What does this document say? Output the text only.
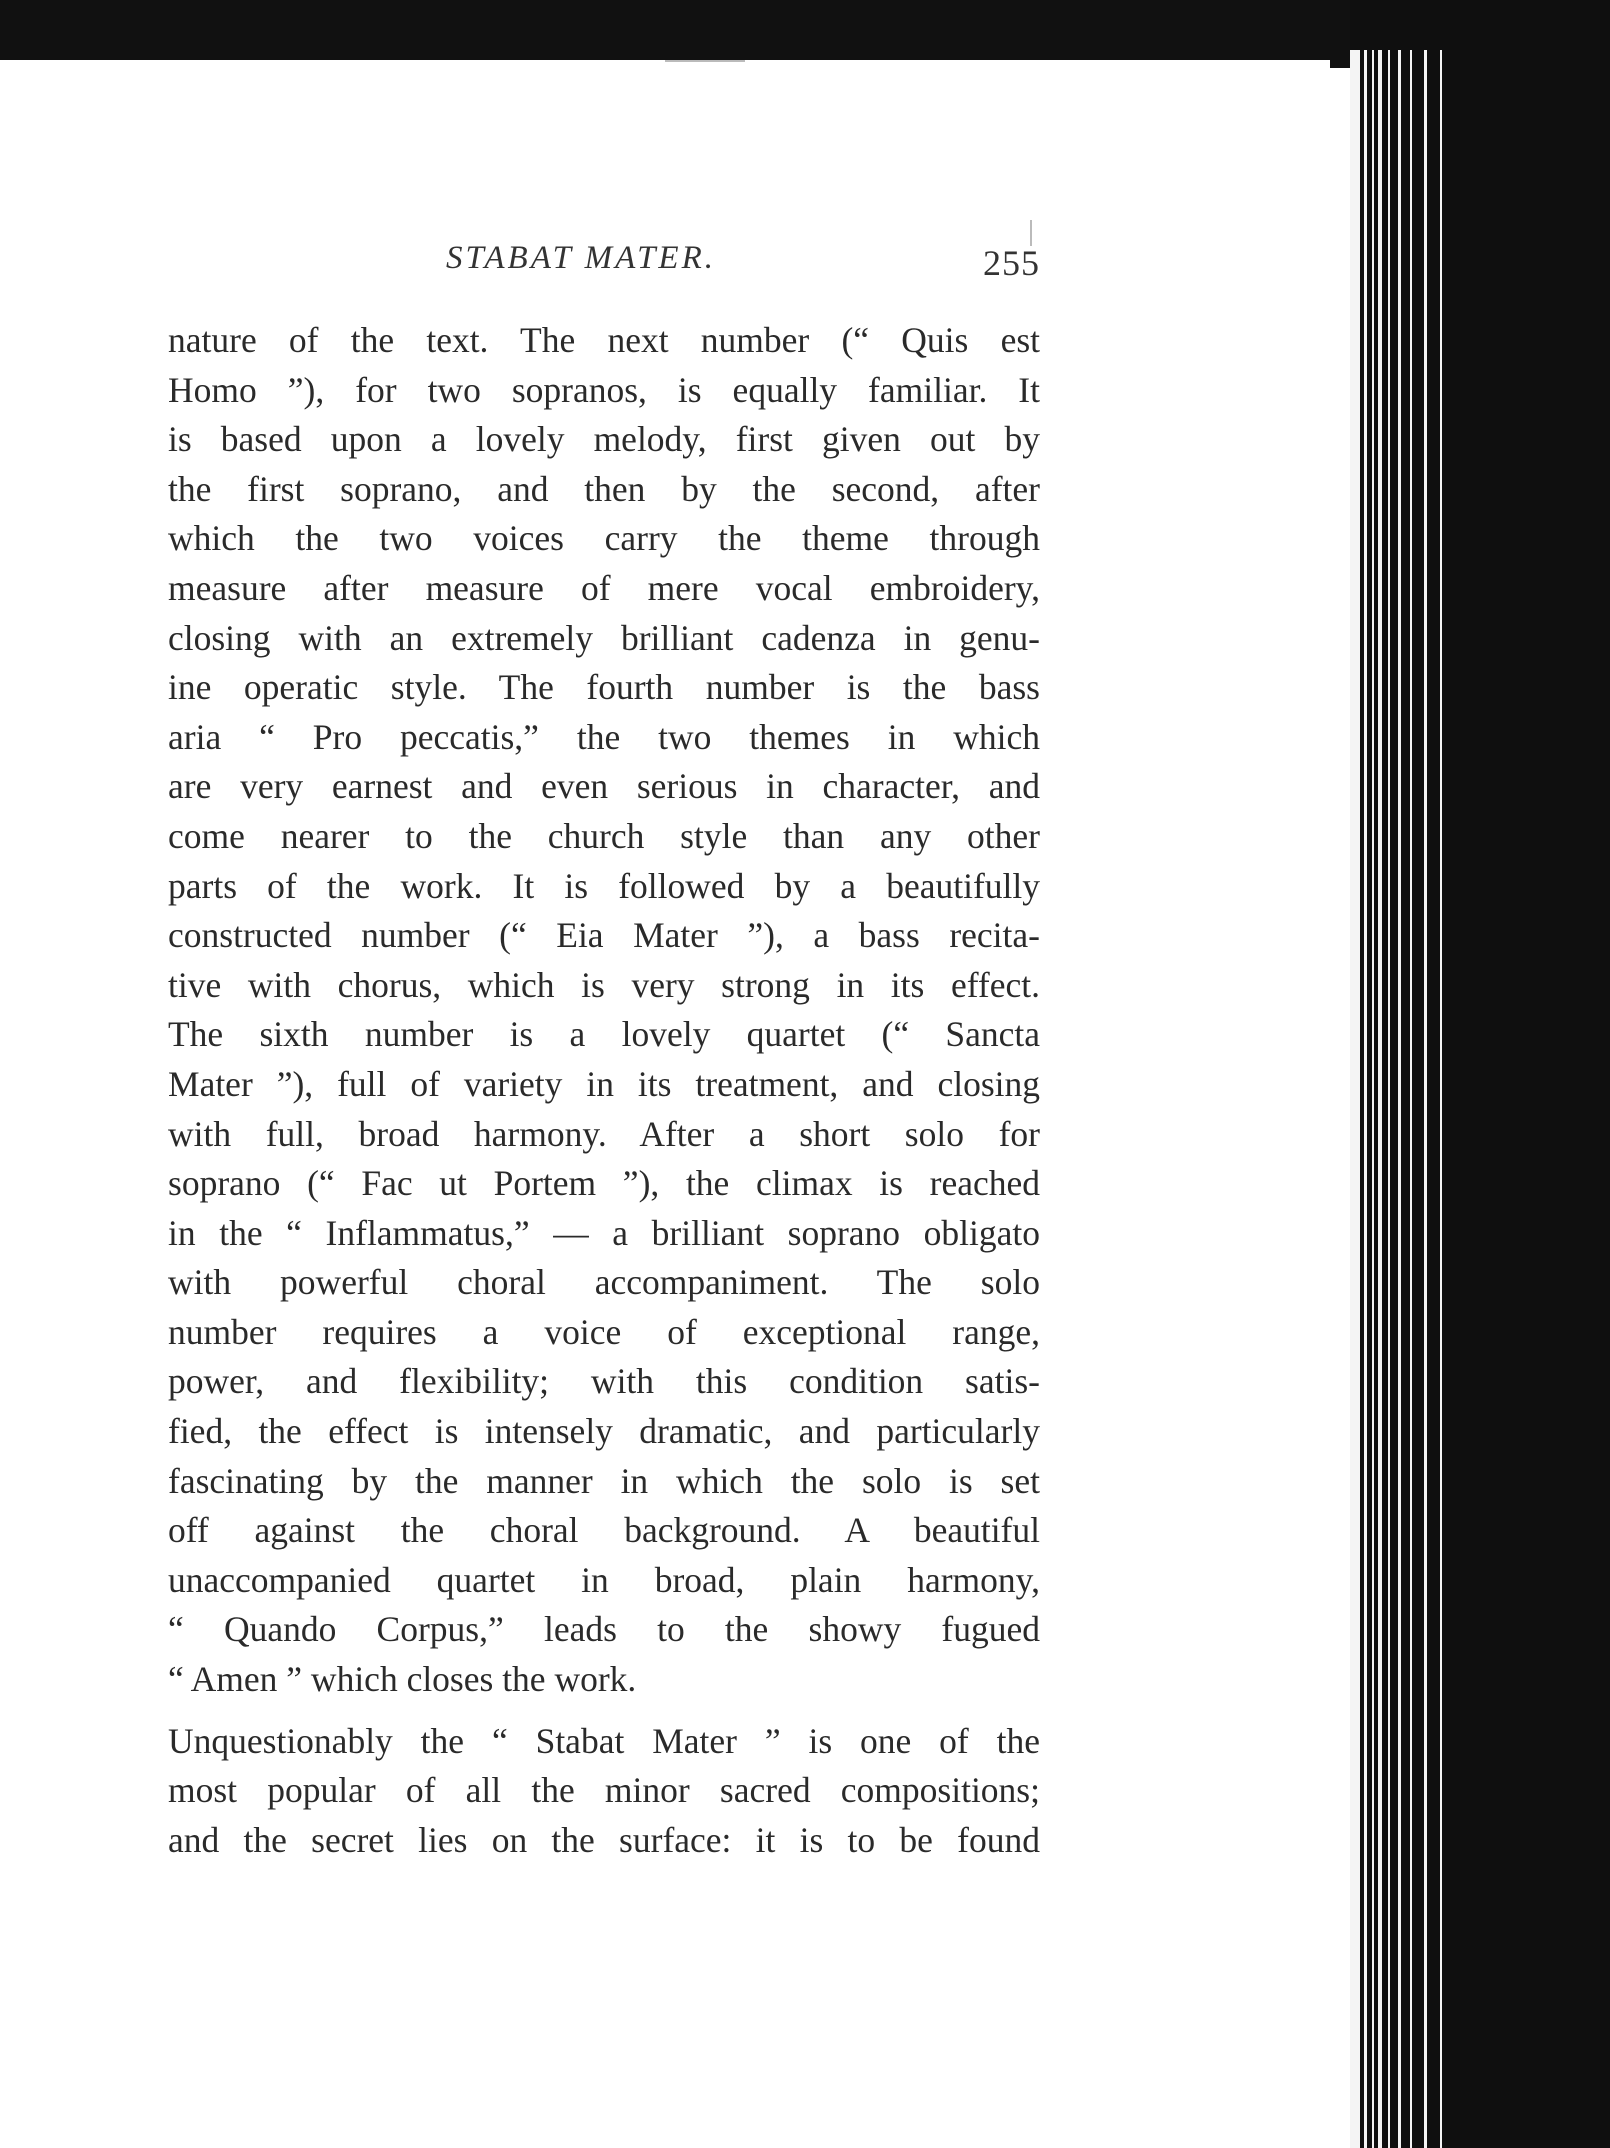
STABAT MATER.	255
nature of the text. The next number (“ Quis est
Homo ”), for two sopranos, is equally familiar. It
is based upon a lovely melody, first given out by
the first soprano, and then by the second, after
which the two voices carry the theme through
measure after measure of mere vocal embroidery,
closing with an extremely brilliant cadenza in genu-
ine operatic style. The fourth number is the bass
aria “ Pro peccatis,” the two themes in which
are very earnest and even serious in character, and
come nearer to the church style than any other
parts of the work. It is followed by a beautifully
constructed number (“ Eia Mater ”), a bass recita-
tive with chorus, which is very strong in its effect.
The sixth number is a lovely quartet (“ Sancta
Mater ”), full of variety in its treatment, and closing
with full, broad harmony. After a short solo for
soprano (“ Fac ut Portem ”), the climax is reached
in the “ Inflammatus,” — a brilliant soprano obligato
with powerful choral accompaniment. The solo
number requires a voice of exceptional range,
power, and flexibility; with this condition satis-
fied, the effect is intensely dramatic, and particularly
fascinating by the manner in which the solo is set
off against the choral background. A beautiful
unaccompanied quartet in broad, plain harmony,
“ Quando Corpus,” leads to the showy fugued
“ Amen ” which closes the work.
Unquestionably the “ Stabat Mater ” is one of the
most popular of all the minor sacred compositions;
and the secret lies on the surface: it is to be found
